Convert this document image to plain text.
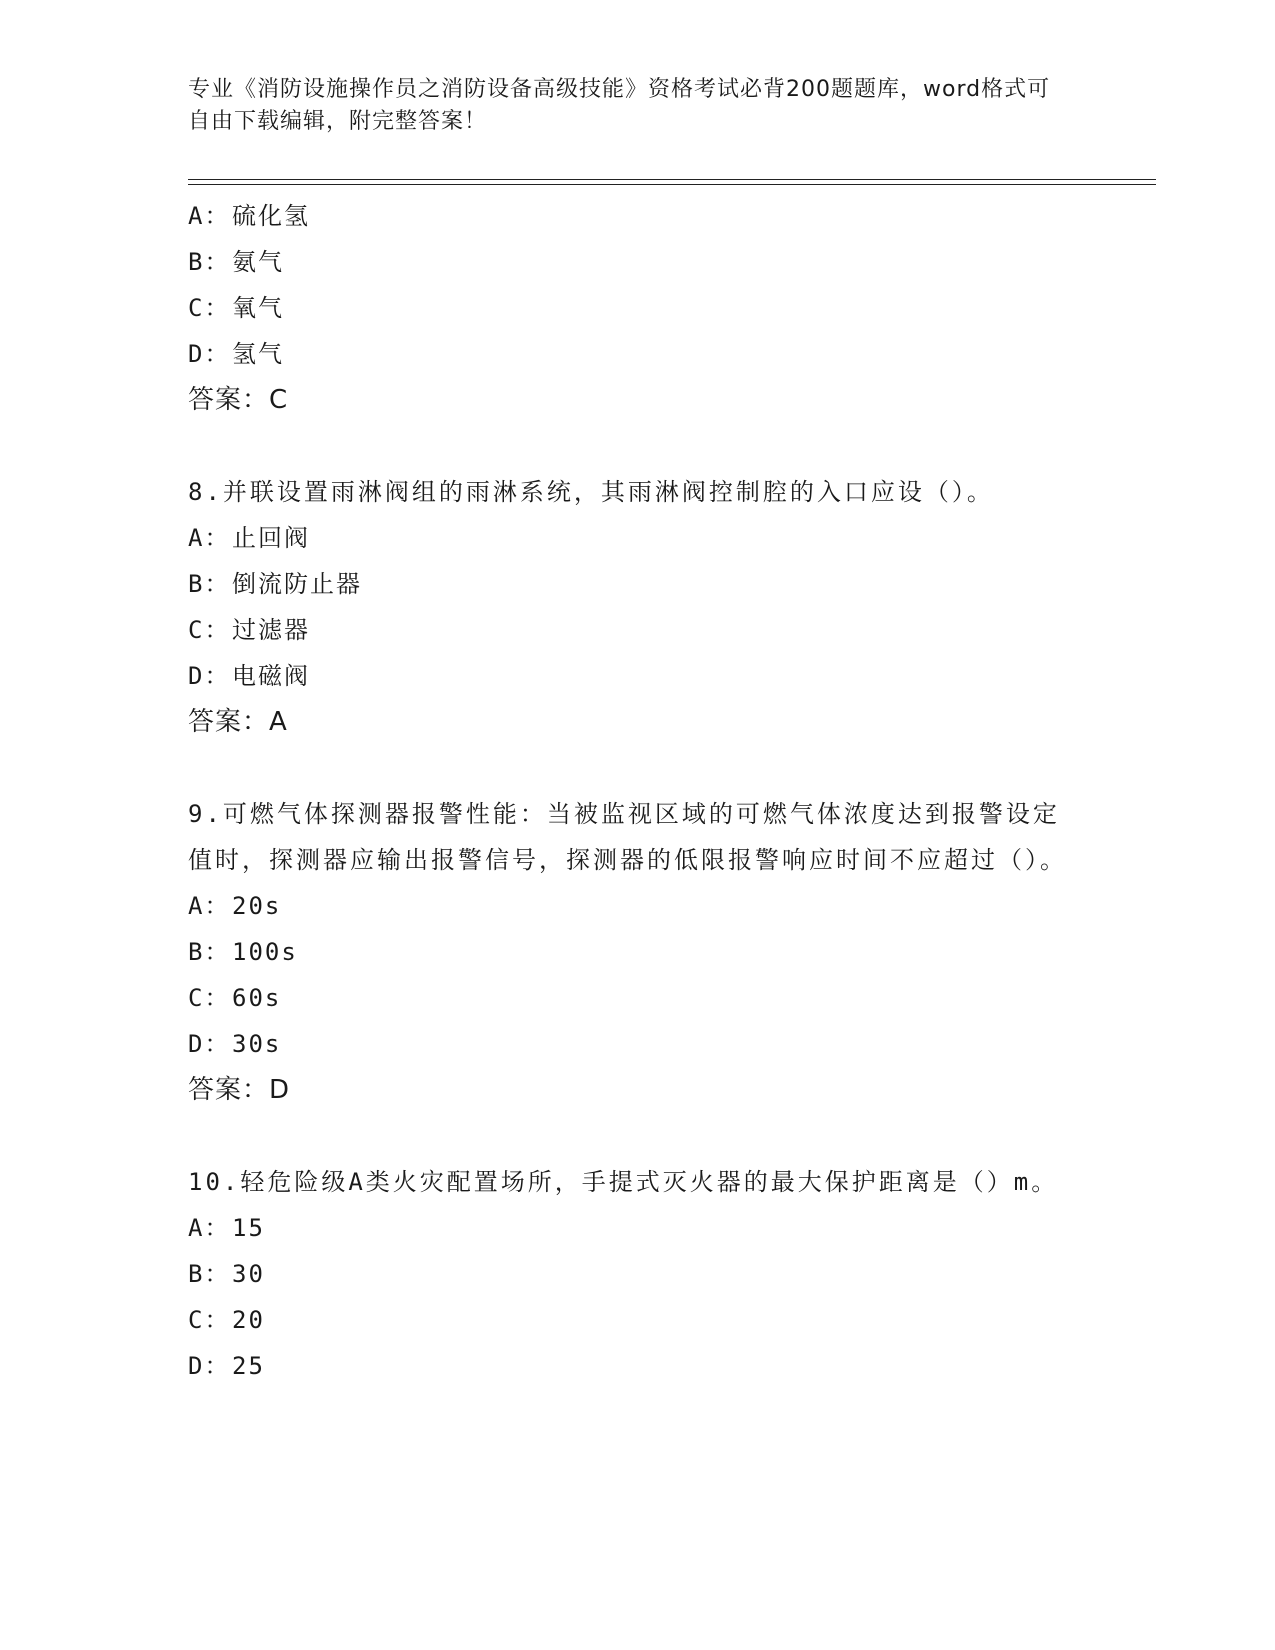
专业《消防设施操作员之消防设备高级技能》资格考试必背200题题库，word格式可自由下载编辑，附完整答案！
A：硫化氢
B：氨气
C：氧气
D：氢气
答案：C
8.并联设置雨淋阀组的雨淋系统，其雨淋阀控制腔的入口应设（）。
A：止回阀
B：倒流防止器
C：过滤器
D：电磁阀
答案：A
9.可燃气体探测器报警性能：当被监视区域的可燃气体浓度达到报警设定值时，探测器应输出报警信号，探测器的低限报警响应时间不应超过（）。
A：20s
B：100s
C：60s
D：30s
答案：D
10.轻危险级A类火灾配置场所，手提式灭火器的最大保护距离是（）m。
A：15
B：30
C：20
D：25
